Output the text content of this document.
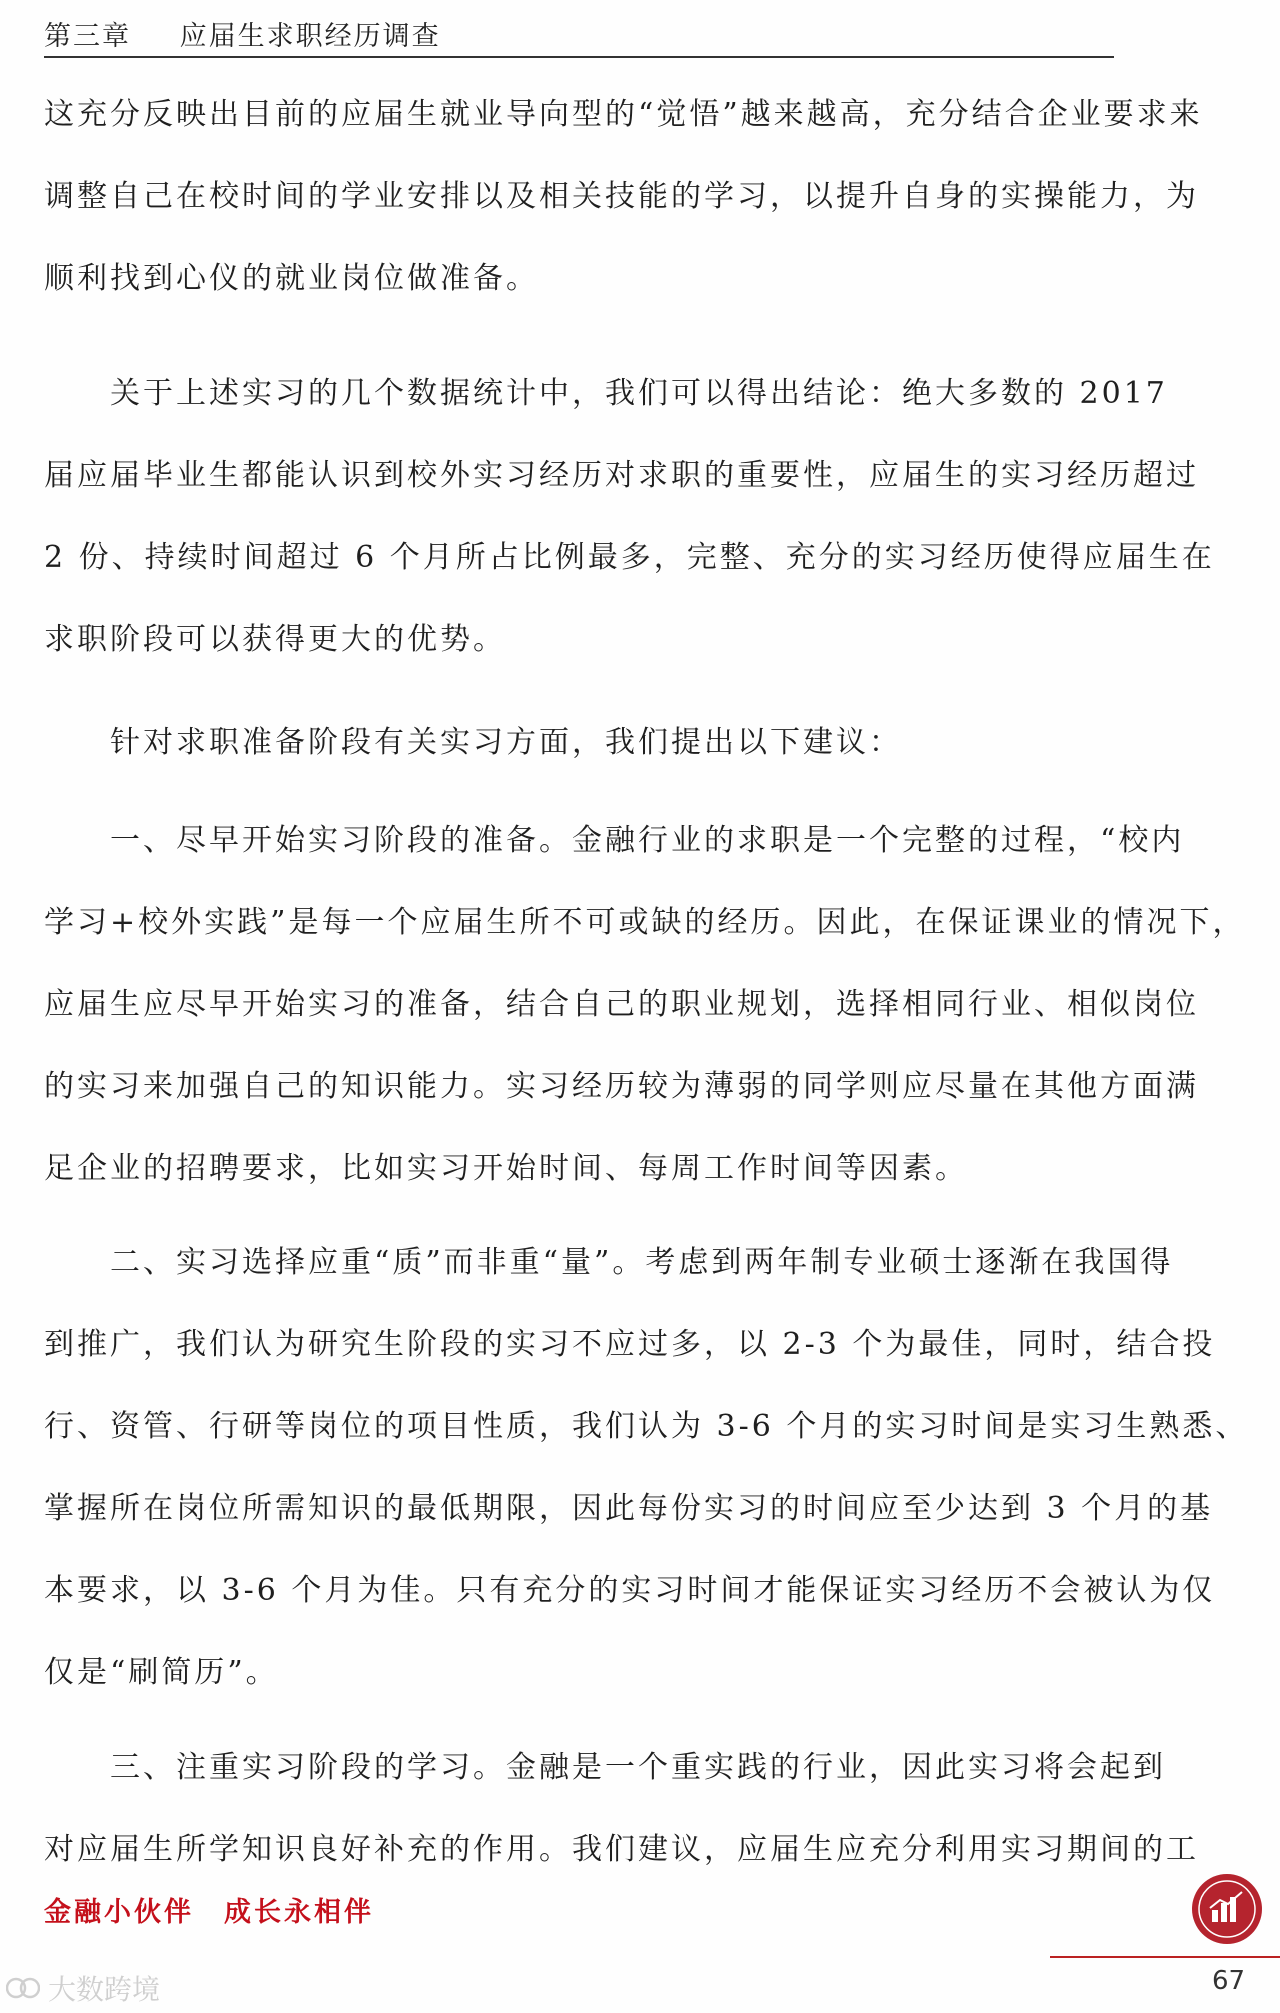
第三章 应届生求职经历调查
这充分反映出目前的应届生就业导向型的“觉悟”越来越高，充分结合企业要求来
调整自己在校时间的学业安排以及相关技能的学习，以提升自身的实操能力，为
顺利找到心仪的就业岗位做准备。
　　关于上述实习的几个数据统计中，我们可以得出结论：绝大多数的 2017
届应届毕业生都能认识到校外实习经历对求职的重要性，应届生的实习经历超过
2 份、持续时间超过 6 个月所占比例最多，完整、充分的实习经历使得应届生在
求职阶段可以获得更大的优势。
　　针对求职准备阶段有关实习方面，我们提出以下建议：
　　一、尽早开始实习阶段的准备。金融行业的求职是一个完整的过程，“校内
学习+校外实践”是每一个应届生所不可或缺的经历。因此，在保证课业的情况下，
应届生应尽早开始实习的准备，结合自己的职业规划，选择相同行业、相似岗位
的实习来加强自己的知识能力。实习经历较为薄弱的同学则应尽量在其他方面满
足企业的招聘要求，比如实习开始时间、每周工作时间等因素。
　　二、实习选择应重“质”而非重“量”。考虑到两年制专业硕士逐渐在我国得
到推广，我们认为研究生阶段的实习不应过多，以 2-3 个为最佳，同时，结合投
行、资管、行研等岗位的项目性质，我们认为 3-6 个月的实习时间是实习生熟悉、
掌握所在岗位所需知识的最低期限，因此每份实习的时间应至少达到 3 个月的基
本要求，以 3-6 个月为佳。只有充分的实习时间才能保证实习经历不会被认为仅
仅是“刷简历”。
　　三、注重实习阶段的学习。金融是一个重实践的行业，因此实习将会起到
对应届生所学知识良好补充的作用。我们建议，应届生应充分利用实习期间的工
金融小伙伴 成长永相伴
67
大数跨境
